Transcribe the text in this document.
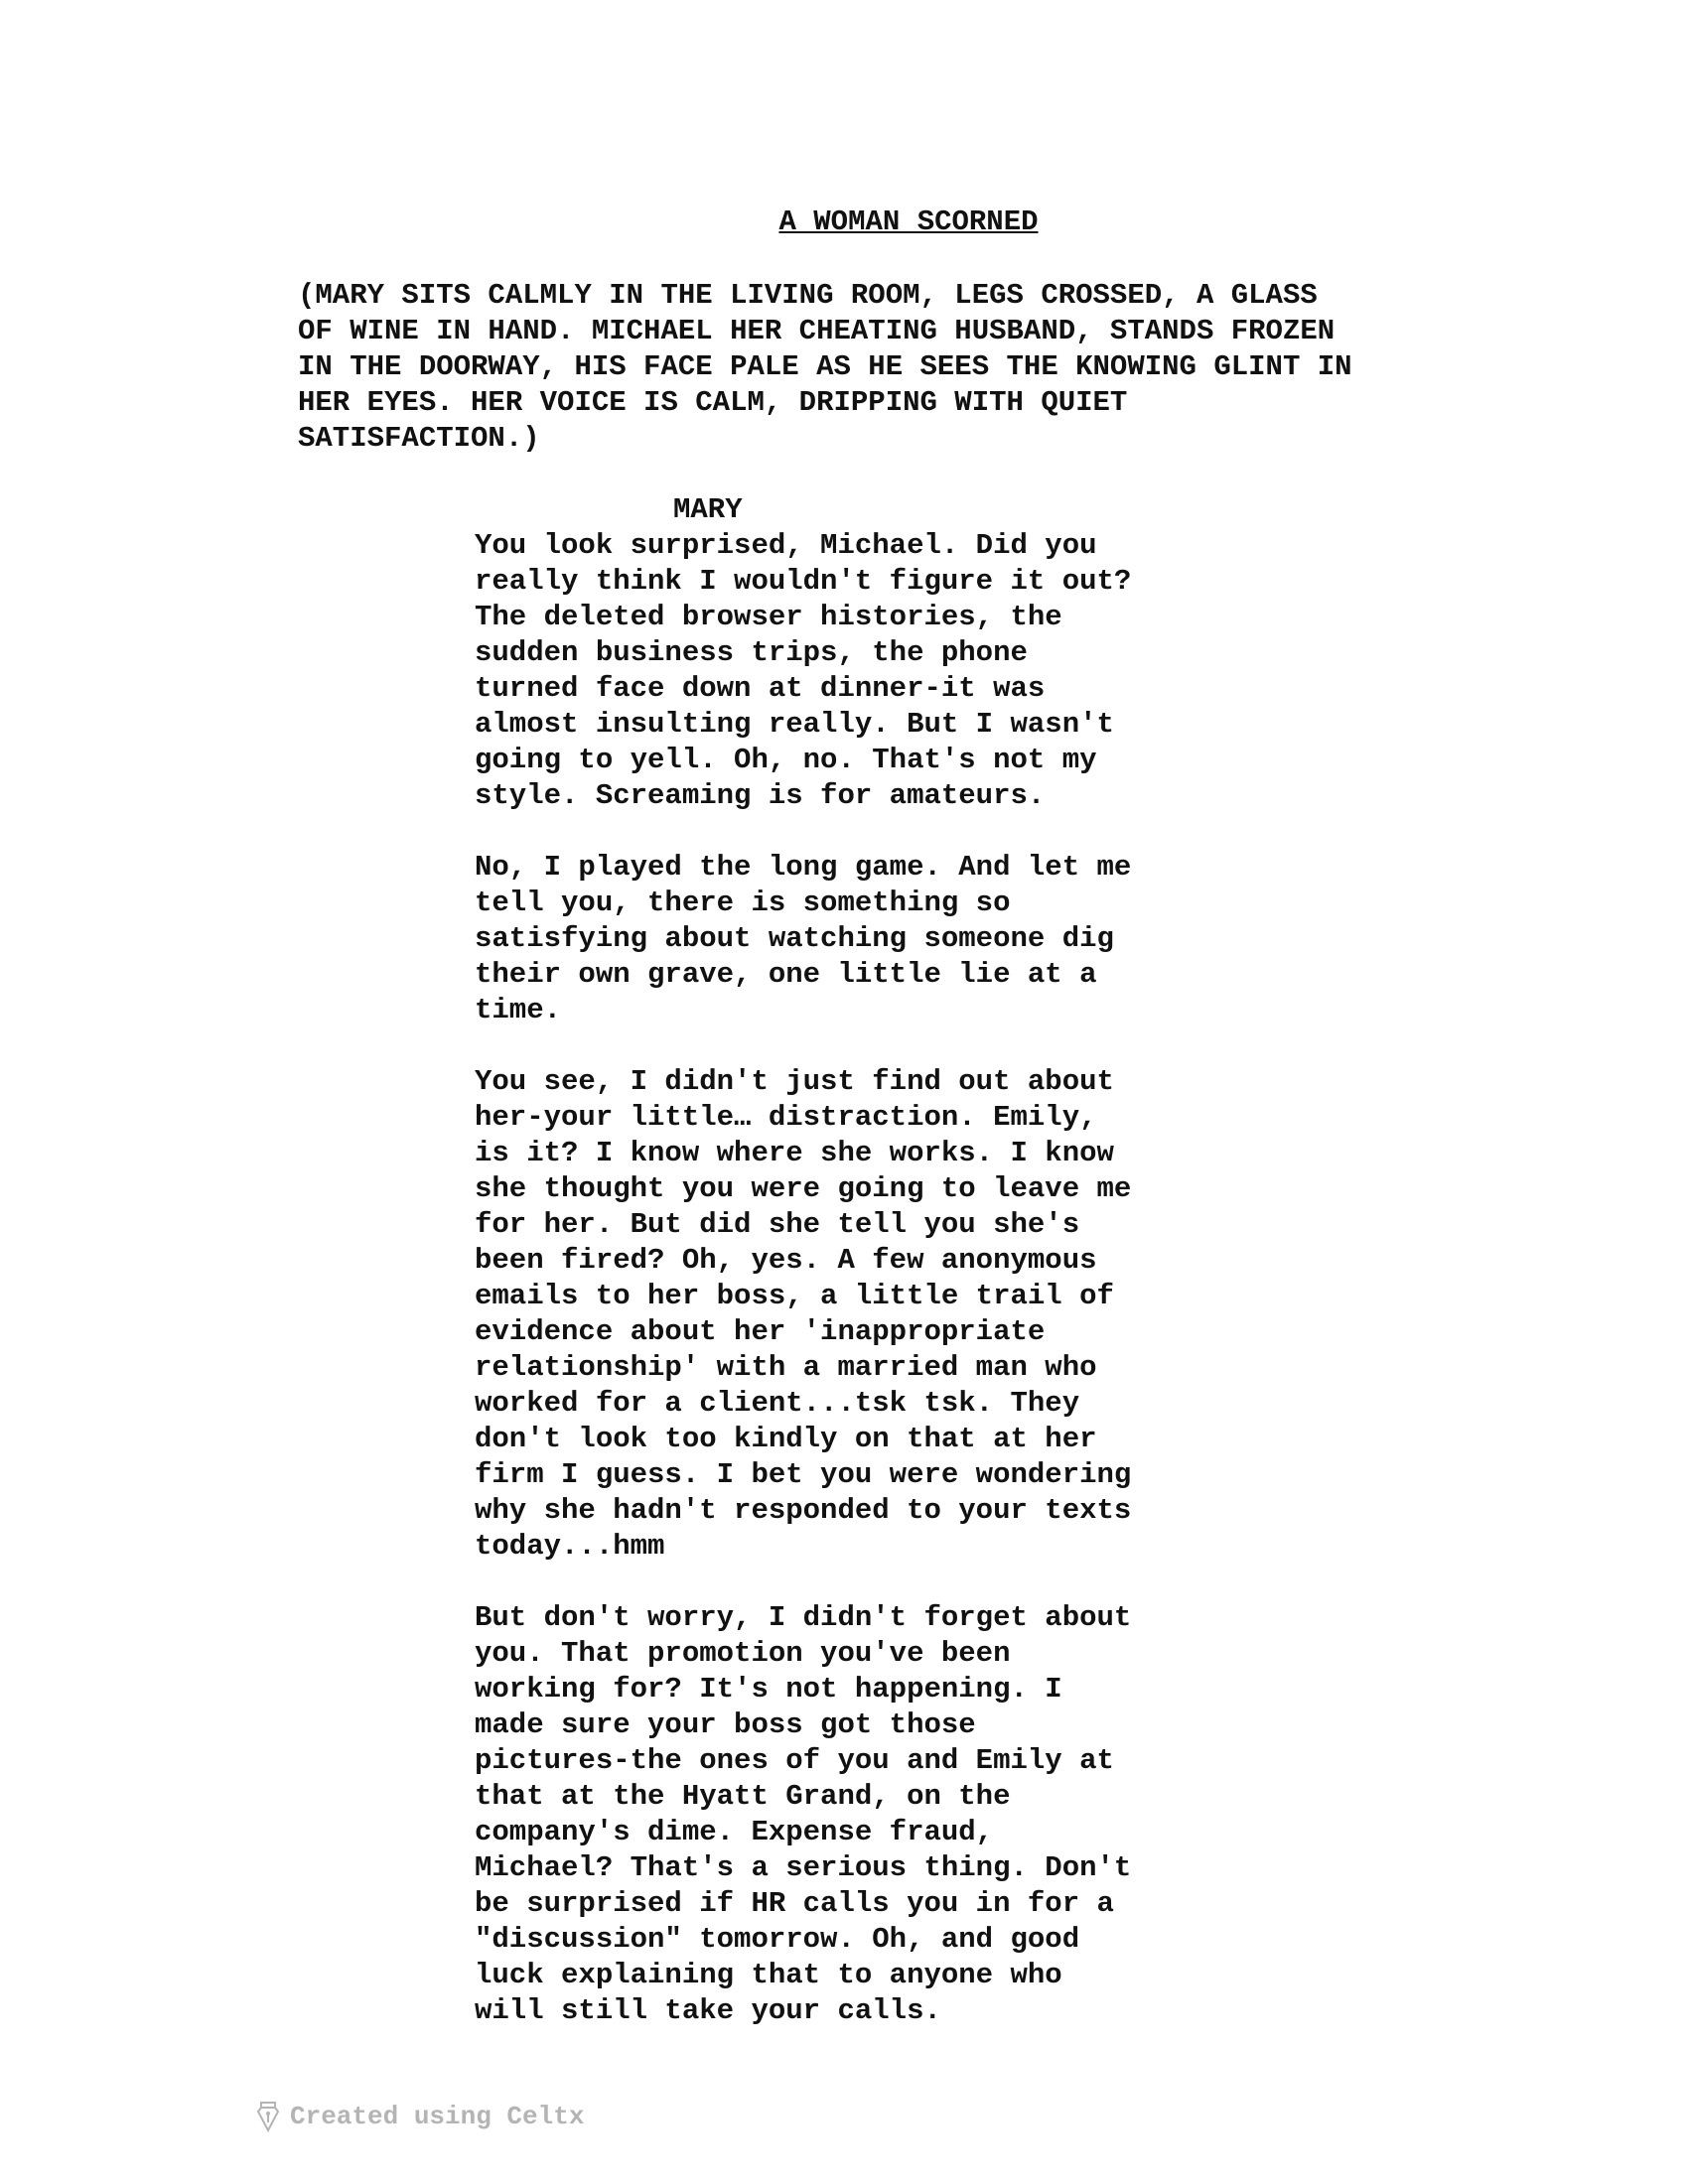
A WOMAN SCORNED

(MARY SITS CALMLY IN THE LIVING ROOM, LEGS CROSSED, A GLASS
OF WINE IN HAND. MICHAEL HER CHEATING HUSBAND, STANDS FROZEN
IN THE DOORWAY, HIS FACE PALE AS HE SEES THE KNOWING GLINT IN
HER EYES. HER VOICE IS CALM, DRIPPING WITH QUIET
SATISFACTION.)

MARY

You look surprised, Michael. Did you
really think I wouldn't figure it out?
The deleted browser histories, the
sudden business trips, the phone
turned face down at dinner-it was
almost insulting really. But I wasn't
going to yell. Oh, no. That's not my
style. Screaming is for amateurs.

No, I played the long game. And let me
tell you, there is something so
satisfying about watching someone dig
their own grave, one little lie at a
time.

You see, I didn't just find out about
her-your little… distraction. Emily,
is it? I know where she works. I know
she thought you were going to leave me
for her. But did she tell you she's
been fired? Oh, yes. A few anonymous
emails to her boss, a little trail of
evidence about her 'inappropriate
relationship' with a married man who
worked for a client...tsk tsk. They
don't look too kindly on that at her
firm I guess. I bet you were wondering
why she hadn't responded to your texts
today...hmm

But don't worry, I didn't forget about
you. That promotion you've been
working for? It's not happening. I
made sure your boss got those
pictures-the ones of you and Emily at
that at the Hyatt Grand, on the
company's dime. Expense fraud,
Michael? That's a serious thing. Don't
be surprised if HR calls you in for a
"discussion" tomorrow. Oh, and good
luck explaining that to anyone who
will still take your calls.

Created using Celtx
